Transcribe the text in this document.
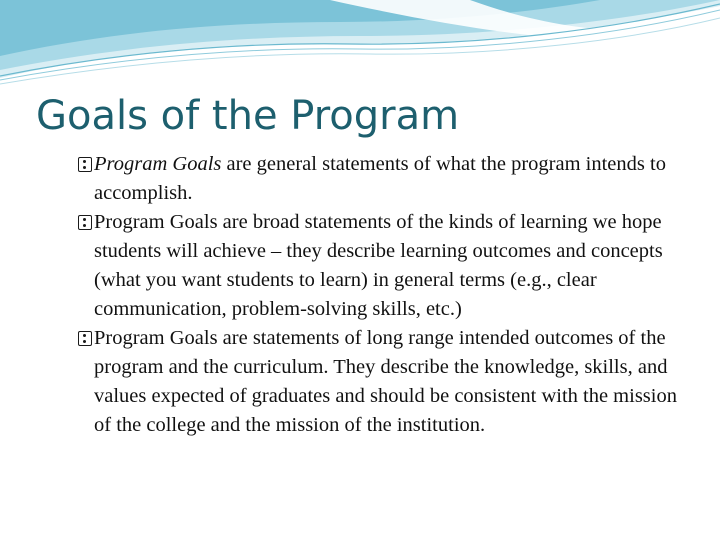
Goals of the Program
Program Goals are general statements of what the program intends to accomplish.
Program Goals are broad statements of the kinds of learning we hope students will achieve – they describe learning outcomes and concepts (what you want students to learn) in general terms (e.g., clear communication, problem-solving skills, etc.)
Program Goals are statements of long range intended outcomes of the program and the curriculum. They describe the knowledge, skills, and values expected of graduates and should be consistent with the mission of the college and the mission of the institution.
